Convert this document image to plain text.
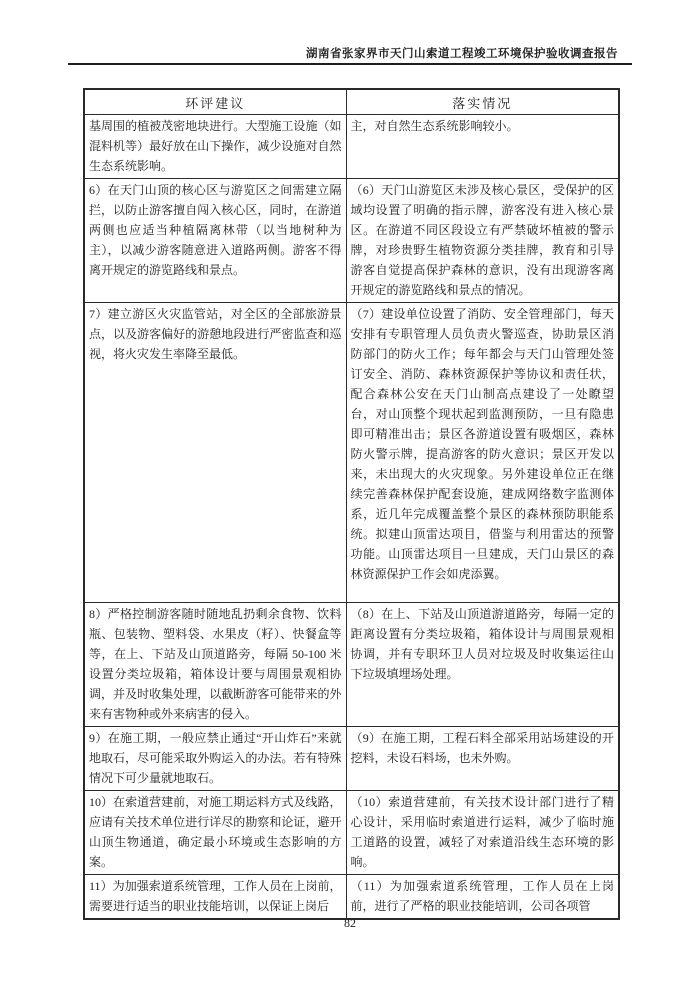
湖南省张家界市天门山索道工程竣工环境保护验收调查报告
环评建议	落实情况
基周围的植被茂密地块进行。大型施工设施（如混料机等）最好放在山下操作，减少设施对自然生态系统影响。	主，对自然生态系统影响较小。
6）在天门山顶的核心区与游览区之间需建立隔拦，以防止游客擅自闯入核心区，同时，在游道两侧也应适当种植隔离林带（以当地树种为主），以减少游客随意进入道路两侧。游客不得离开规定的游览路线和景点。	（6）天门山游览区未涉及核心景区，受保护的区域均设置了明确的指示牌，游客没有进入核心景区。在游道不同区段设立有严禁破坏植被的警示牌，对珍贵野生植物资源分类挂牌，教育和引导游客自觉提高保护森林的意识，没有出现游客离开规定的游览路线和景点的情况。
7）建立游区火灾监管站，对全区的全部旅游景点，以及游客偏好的游憩地段进行严密监查和巡视，将火灾发生率降至最低。	（7）建设单位设置了消防、安全管理部门，每天安排有专职管理人员负责火警巡查，协助景区消防部门的防火工作；每年都会与天门山管理处签订安全、消防、森林资源保护等协议和责任状，配合森林公安在天门山制高点建设了一处瞭望台，对山顶整个现状起到监测预防，一旦有隐患即可精准出击；景区各游道设置有吸烟区，森林防火警示牌，提高游客的防火意识；景区开发以来，未出现大的火灾现象。另外建设单位正在继续完善森林保护配套设施，建成网络数字监测体系，近几年完成覆盖整个景区的森林预防职能系统。拟建山顶雷达项目，借鉴与利用雷达的预警功能。山顶雷达项目一旦建成，天门山景区的森林资源保护工作会如虎添翼。
8）严格控制游客随时随地乱扔剩余食物、饮料瓶、包装物、塑料袋、水果皮（籽）、快餐盒等等，在上、下站及山顶道路旁，每隔 50-100 米设置分类垃圾箱，箱体设计要与周围景观相协调，并及时收集处理，以截断游客可能带来的外来有害物种或外来病害的侵入。	（8）在上、下站及山顶道游道路旁，每隔一定的距离设置有分类垃圾箱，箱体设计与周围景观相协调，并有专职环卫人员对垃圾及时收集运往山下垃圾填埋场处理。
9）在施工期，一般应禁止通过“开山炸石”来就地取石，尽可能采取外购运入的办法。若有特殊情况下可少量就地取石。	（9）在施工期，工程石料全部采用站场建设的开挖料，未设石料场，也未外购。
10）在索道营建前，对施工期运料方式及线路，应请有关技术单位进行详尽的勘察和论证，避开山顶生物通道，确定最小环境或生态影响的方案。	（10）索道营建前，有关技术设计部门进行了精心设计，采用临时索道进行运料，减少了临时施工道路的设置，减轻了对索道沿线生态环境的影响。
11）为加强索道系统管理，工作人员在上岗前，需要进行适当的职业技能培训，以保证上岗后	（11）为加强索道系统管理，工作人员在上岗前，进行了严格的职业技能培训，公司各项管
82
